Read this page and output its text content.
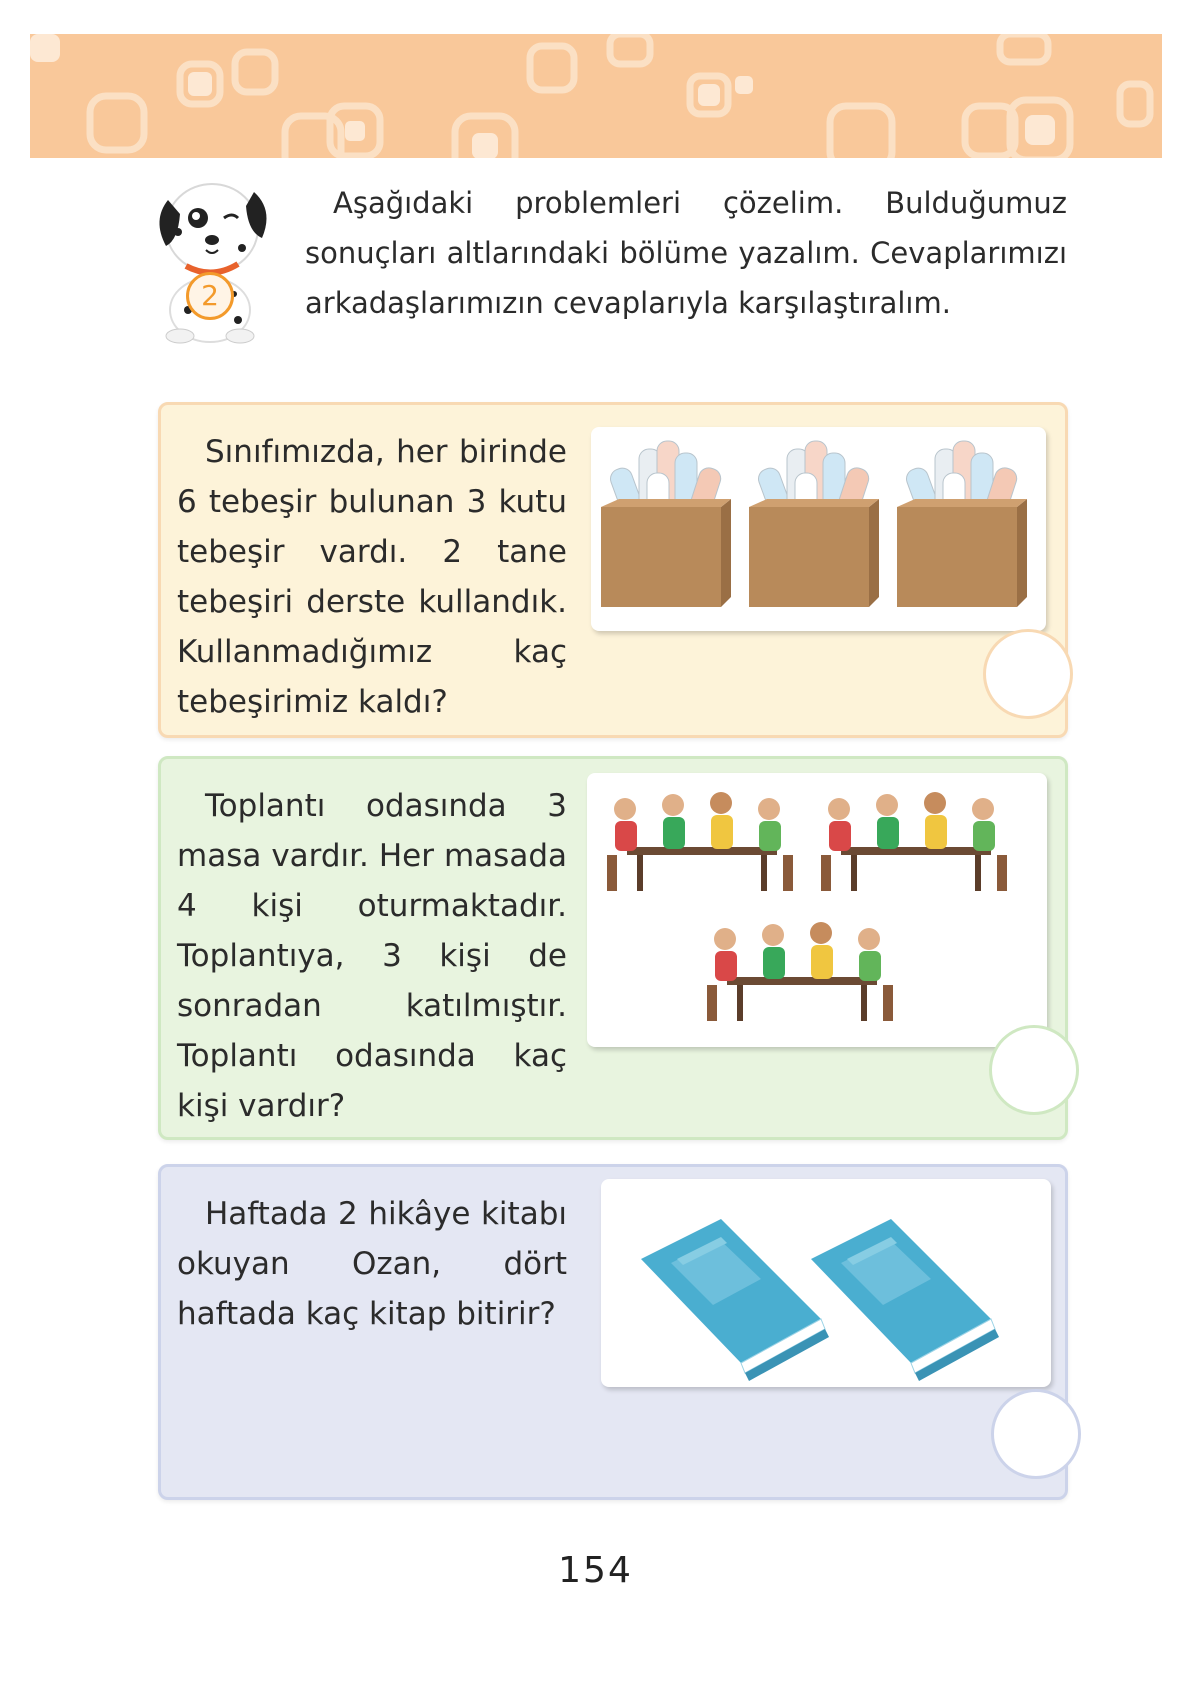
2

Aşağıdaki problemleri çözelim. Bulduğumuz sonuçları altlarındaki bölüme yazalım. Cevaplarımızı arkadaşlarımızın cevaplarıyla karşılaştıralım.

Sınıfımızda, her birinde 6 tebeşir bulunan 3 kutu tebeşir vardı. 2 tane tebeşiri derste kullandık. Kullanmadığımız kaç tebeşirimiz kaldı?

Toplantı odasında 3 masa vardır. Her masada 4 kişi oturmaktadır. Toplantıya, 3 kişi de sonradan katılmıştır. Toplantı odasında kaç kişi vardır?

Haftada 2 hikâye kitabı okuyan Ozan, dört haftada kaç kitap bitirir?

154
